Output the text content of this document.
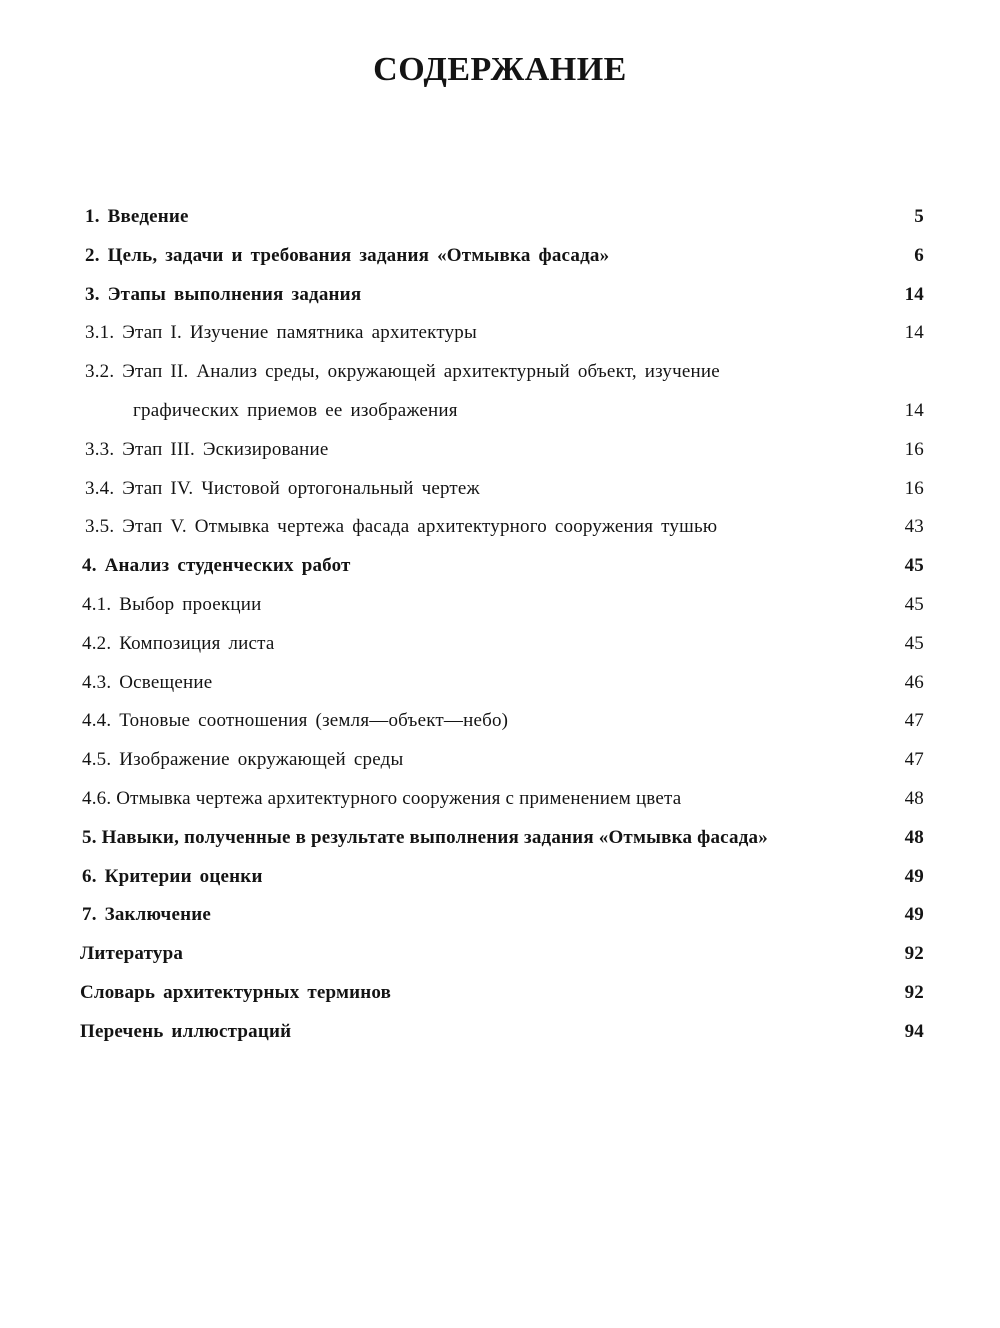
СОДЕРЖАНИЕ
1. Введение	5
2. Цель, задачи и требования задания «Отмывка фасада»	6
3. Этапы выполнения задания	14
3.1. Этап I. Изучение памятника архитектуры	14
3.2. Этап II. Анализ среды, окружающей архитектурный объект, изучение
графических приемов ее изображения	14
3.3. Этап III. Эскизирование	16
3.4. Этап IV. Чистовой ортогональный чертеж	16
3.5. Этап V. Отмывка чертежа фасада архитектурного сооружения тушью	43
4. Анализ студенческих работ	45
4.1. Выбор проекции	45
4.2. Композиция листа	45
4.3. Освещение	46
4.4. Тоновые соотношения (земля—объект—небо)	47
4.5. Изображение окружающей среды	47
4.6. Отмывка чертежа архитектурного сооружения с применением цвета	48
5. Навыки, полученные в результате выполнения задания «Отмывка фасада»	48
6. Критерии оценки	49
7. Заключение	49
Литература	92
Словарь архитектурных терминов	92
Перечень иллюстраций	94
